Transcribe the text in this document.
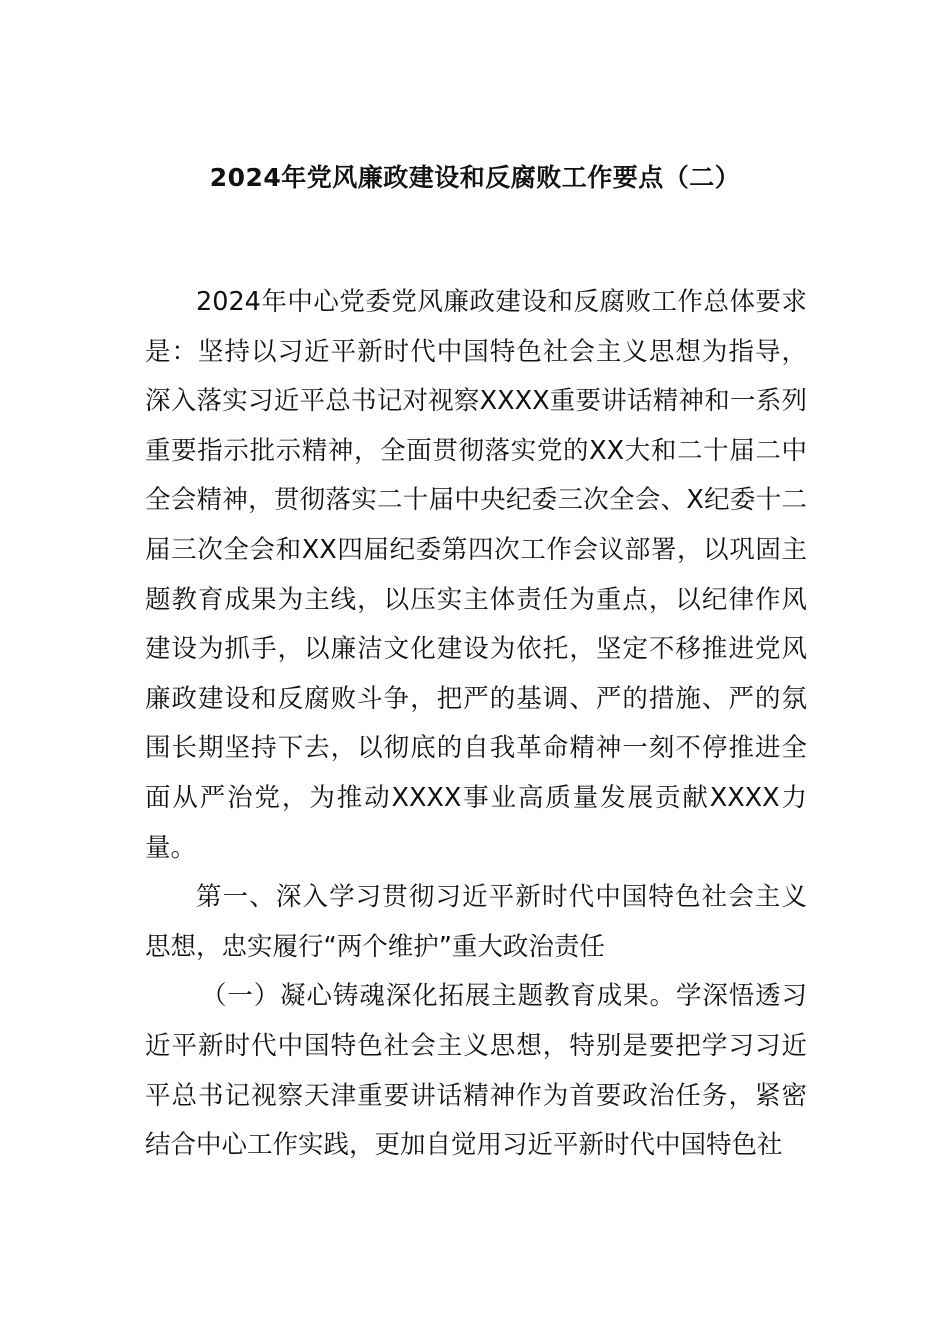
2024年党风廉政建设和反腐败工作要点（二）

2024年中心党委党风廉政建设和反腐败工作总体要求是：坚持以习近平新时代中国特色社会主义思想为指导，深入落实习近平总书记对视察XXXX重要讲话精神和一系列重要指示批示精神，全面贯彻落实党的XX大和二十届二中全会精神，贯彻落实二十届中央纪委三次全会、X纪委十二届三次全会和XX四届纪委第四次工作会议部署，以巩固主题教育成果为主线，以压实主体责任为重点，以纪律作风建设为抓手，以廉洁文化建设为依托，坚定不移推进党风廉政建设和反腐败斗争，把严的基调、严的措施、严的氛围长期坚持下去，以彻底的自我革命精神一刻不停推进全面从严治党，为推动XXXX事业高质量发展贡献XXXX力量。

第一、深入学习贯彻习近平新时代中国特色社会主义思想，忠实履行“两个维护”重大政治责任

（一）凝心铸魂深化拓展主题教育成果。学深悟透习近平新时代中国特色社会主义思想，特别是要把学习习近平总书记视察天津重要讲话精神作为首要政治任务，紧密结合中心工作实践，更加自觉用习近平新时代中国特色社
